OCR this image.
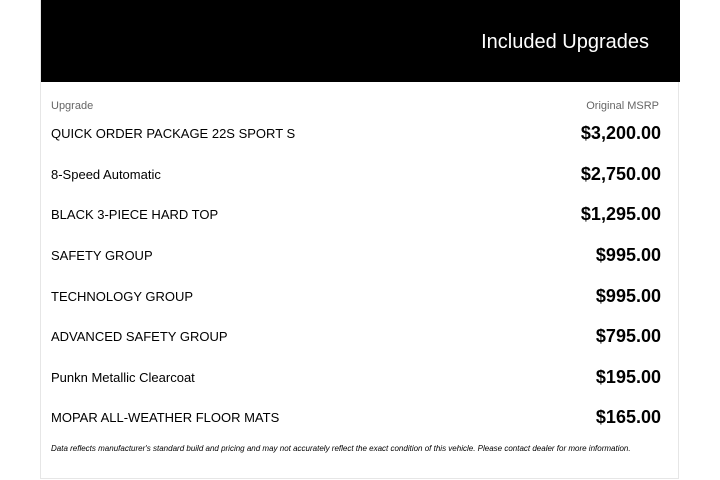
Included Upgrades
Upgrade	Original MSRP
QUICK ORDER PACKAGE 22S SPORT S	$3,200.00
8-Speed Automatic	$2,750.00
BLACK 3-PIECE HARD TOP	$1,295.00
SAFETY GROUP	$995.00
TECHNOLOGY GROUP	$995.00
ADVANCED SAFETY GROUP	$795.00
Punkn Metallic Clearcoat	$195.00
MOPAR ALL-WEATHER FLOOR MATS	$165.00
Data reflects manufacturer's standard build and pricing and may not accurately reflect the exact condition of this vehicle. Please contact dealer for more information.
